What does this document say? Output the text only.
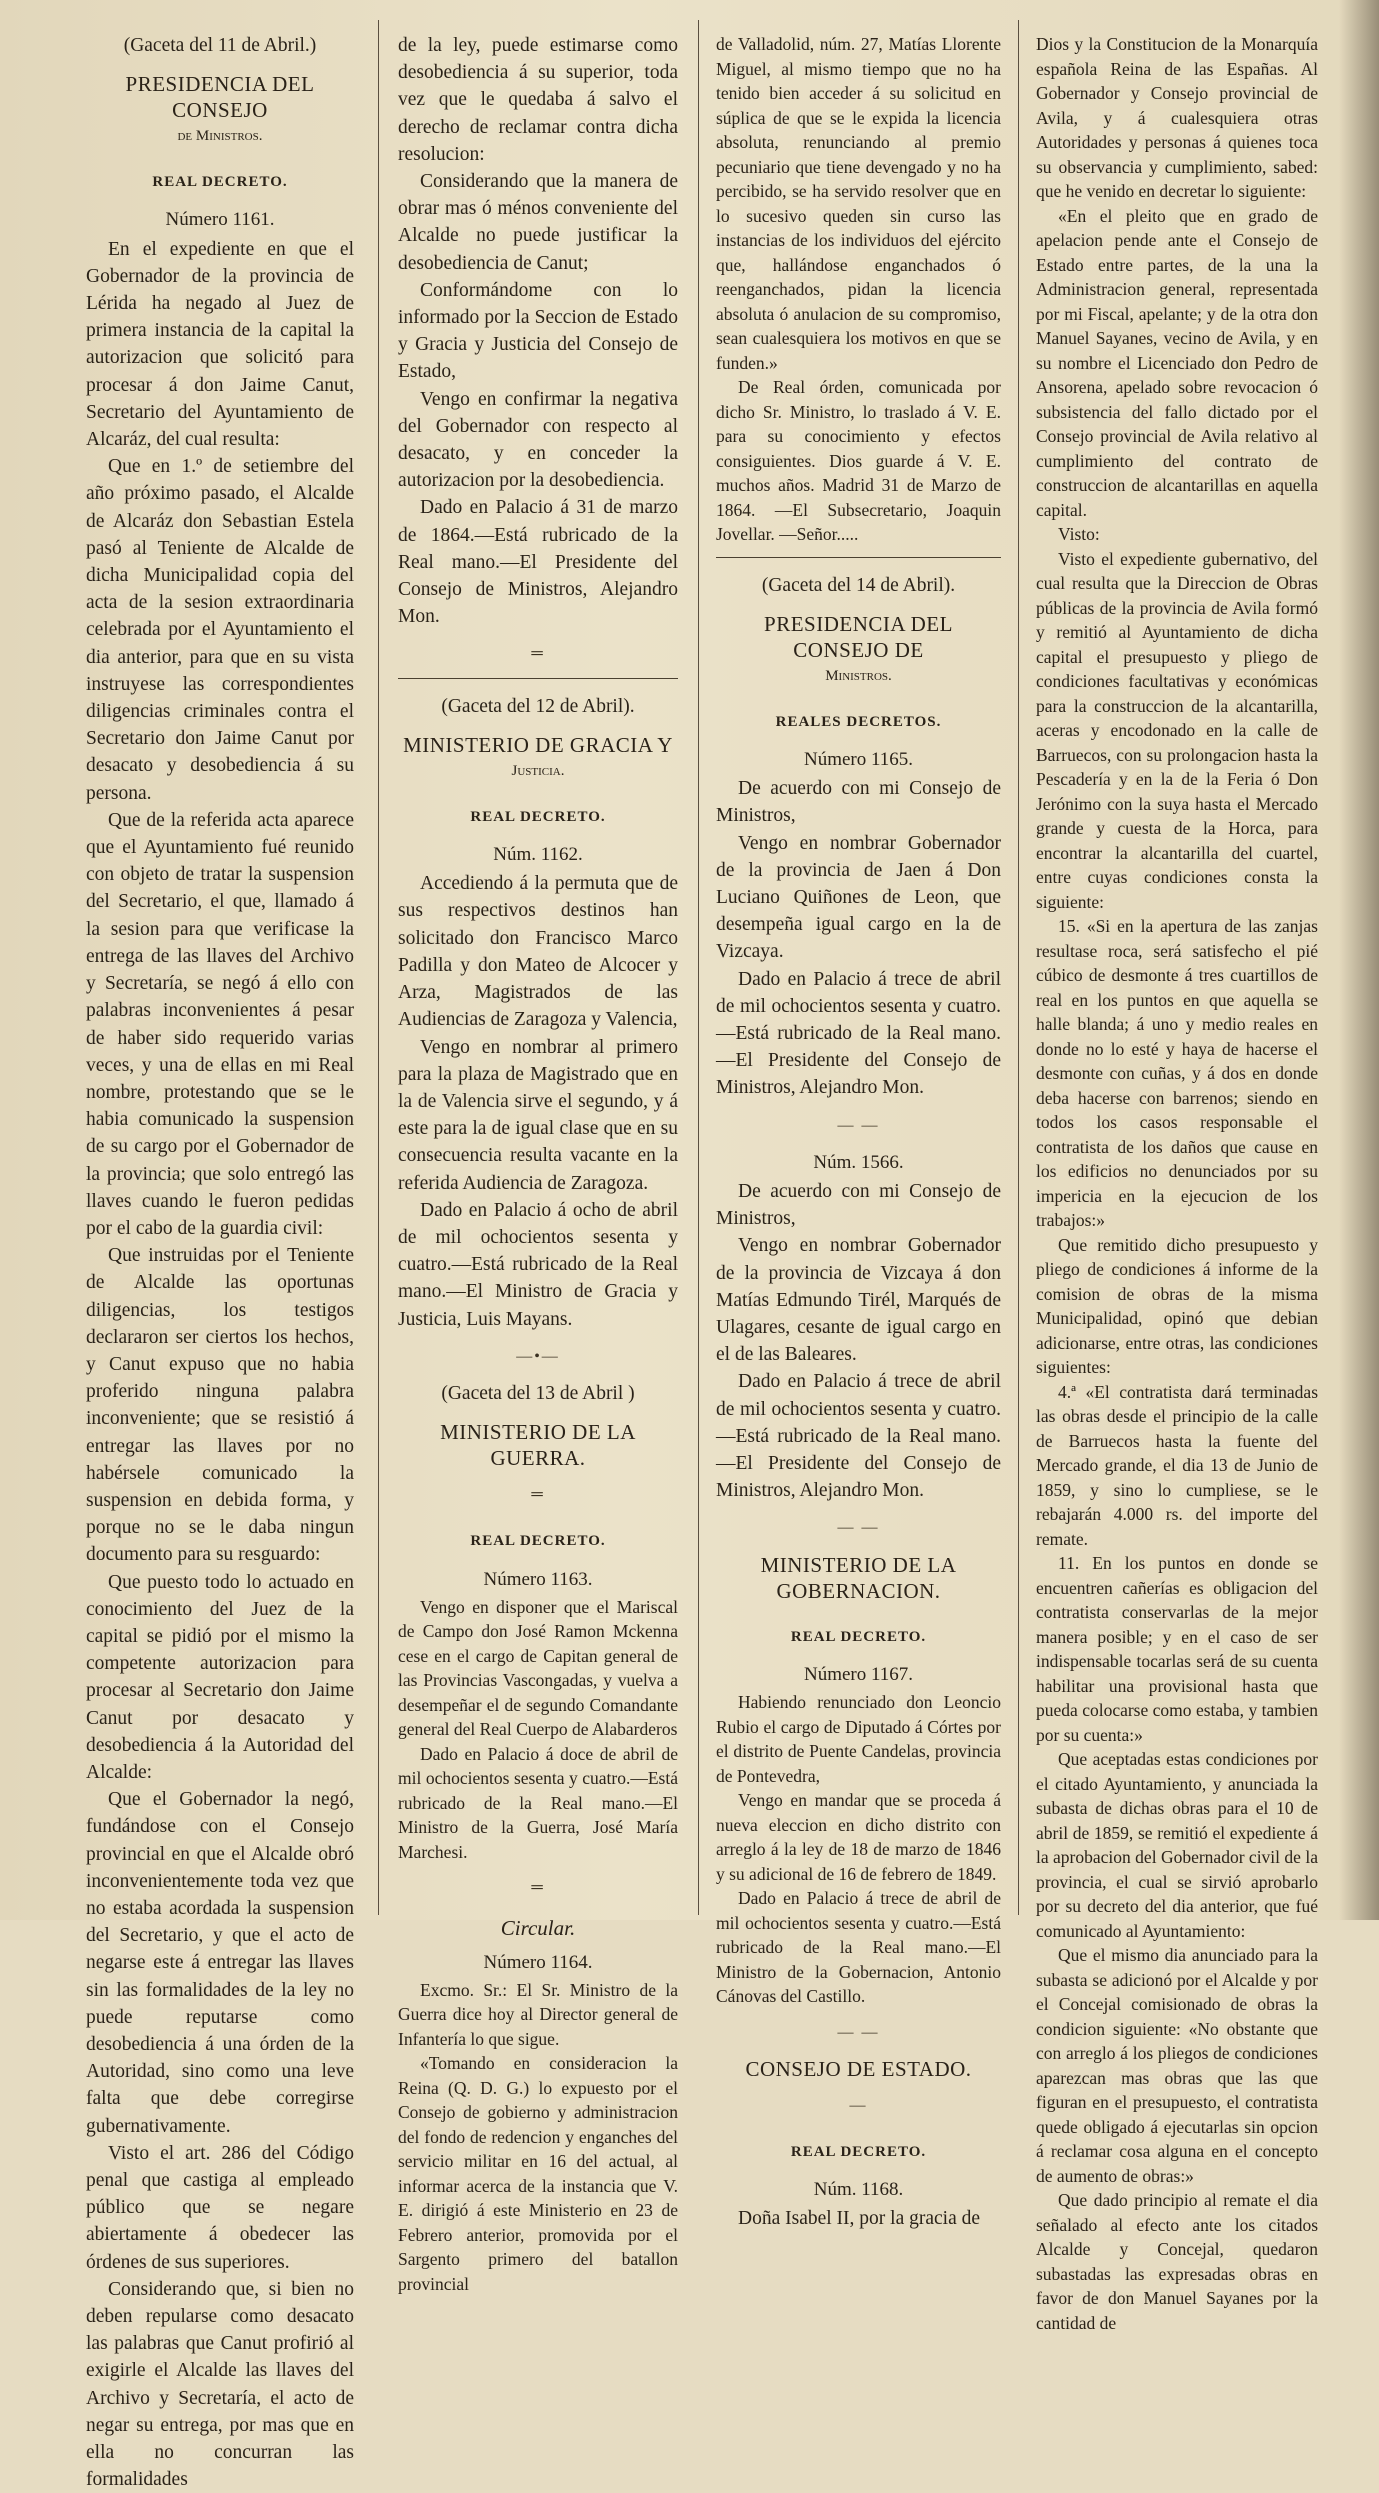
(Gaceta del 11 de Abril.)
PRESIDENCIA DEL CONSEJO
de Ministros.
REAL DECRETO.
Número 1161.

En el expediente en que el Gobernador de la provincia de Lérida ha negado al Juez de primera instancia de la capital la autorizacion que solicitó para procesar á don Jaime Canut, Secretario del Ayuntamiento de Alcaráz, del cual resulta:

Que en 1.º de setiembre del año próximo pasado, el Alcalde de Alcaráz don Sebastian Estela pasó al Teniente de Alcalde de dicha Municipalidad copia del acta de la sesion extraordinaria celebrada por el Ayuntamiento el dia anterior, para que en su vista instruyese las correspondientes diligencias criminales contra el Secretario don Jaime Canut por desacato y desobediencia á su persona.

Que de la referida acta aparece que el Ayuntamiento fué reunido con objeto de tratar la suspension del Secretario, el que, llamado á la sesion para que verificase la entrega de las llaves del Archivo y Secretaría, se negó á ello con palabras inconvenientes á pesar de haber sido requerido varias veces, y una de ellas en mi Real nombre, protestando que se le habia comunicado la suspension de su cargo por el Gobernador de la provincia; que solo entregó las llaves cuando le fueron pedidas por el cabo de la guardia civil:

Que instruidas por el Teniente de Alcalde las oportunas diligencias, los testigos declararon ser ciertos los hechos, y Canut expuso que no habia proferido ninguna palabra inconveniente; que se resistió á entregar las llaves por no habérsele comunicado la suspension en debida forma, y porque no se le daba ningun documento para su resguardo:

Que puesto todo lo actuado en conocimiento del Juez de la capital se pidió por el mismo la competente autorizacion para procesar al Secretario don Jaime Canut por desacato y desobediencia á la Autoridad del Alcalde:

Que el Gobernador la negó, fundándose con el Consejo provincial en que el Alcalde obró inconvenientemente toda vez que no estaba acordada la suspension del Secretario, y que el acto de negarse este á entregar las llaves sin las formalidades de la ley no puede reputarse como desobediencia á una órden de la Autoridad, sino como una leve falta que debe corregirse gubernativamente.

Visto el art. 286 del Código penal que castiga al empleado público que se negare abiertamente á obedecer las órdenes de sus superiores.

Considerando que, si bien no deben repularse como desacato las palabras que Canut profirió al exigirle el Alcalde las llaves del Archivo y Secretaría, el acto de negar su entrega, por mas que en ella no concurran las formalidades

de la ley, puede estimarse como desobediencia á su superior, toda vez que le quedaba á salvo el derecho de reclamar contra dicha resolucion:

Considerando que la manera de obrar mas ó ménos conveniente del Alcalde no puede justificar la desobediencia de Canut;

Conformándome con lo informado por la Seccion de Estado y Gracia y Justicia del Consejo de Estado,

Vengo en confirmar la negativa del Gobernador con respecto al desacato, y en conceder la autorizacion por la desobediencia.

Dado en Palacio á 31 de marzo de 1864.—Está rubricado de la Real mano.—El Presidente del Consejo de Ministros, Alejandro Mon.

═
(Gaceta del 12 de Abril).
MINISTERIO DE GRACIA Y
Justicia.
REAL DECRETO.
Núm. 1162.

Accediendo á la permuta que de sus respectivos destinos han solicitado don Francisco Marco Padilla y don Mateo de Alcocer y Arza, Magistrados de las Audiencias de Zaragoza y Valencia,

Vengo en nombrar al primero para la plaza de Magistrado que en la de Valencia sirve el segundo, y á este para la de igual clase que en su consecuencia resulta vacante en la referida Audiencia de Zaragoza.

Dado en Palacio á ocho de abril de mil ochocientos sesenta y cuatro.—Está rubricado de la Real mano.—El Ministro de Gracia y Justicia, Luis Mayans.

—•—
(Gaceta del 13 de Abril )
MINISTERIO DE LA GUERRA.
═
REAL DECRETO.
Número 1163.

Vengo en disponer que el Mariscal de Campo don José Ramon Mckenna cese en el cargo de Capitan general de las Provincias Vascongadas, y vuelva a desempeñar el de segundo Comandante general del Real Cuerpo de Alabarderos

Dado en Palacio á doce de abril de mil ochocientos sesenta y cuatro.—Está rubricado de la Real mano.—El Ministro de la Guerra, José María Marchesi.

═
Circular.
Número 1164.

Excmo. Sr.: El Sr. Ministro de la Guerra dice hoy al Director general de Infantería lo que sigue.

«Tomando en consideracion la Reina (Q. D. G.) lo expuesto por el Consejo de gobierno y administracion del fondo de redencion y enganches del servicio militar en 16 del actual, al informar acerca de la instancia que V. E. dirigió á este Ministerio en 23 de Febrero anterior, promovida por el Sargento primero del batallon provincial

de Valladolid, núm. 27, Matías Llorente Miguel, al mismo tiempo que no ha tenido bien acceder á su solicitud en súplica de que se le expida la licencia absoluta, renunciando al premio pecuniario que tiene devengado y no ha percibido, se ha servido resolver que en lo sucesivo queden sin curso las instancias de los individuos del ejército que, hallándose enganchados ó reenganchados, pidan la licencia absoluta ó anulacion de su compromiso, sean cualesquiera los motivos en que se funden.»

De Real órden, comunicada por dicho Sr. Ministro, lo traslado á V. E. para su conocimiento y efectos consiguientes. Dios guarde á V. E. muchos años. Madrid 31 de Marzo de 1864. —El Subsecretario, Joaquin Jovellar. —Señor.....

(Gaceta del 14 de Abril).
PRESIDENCIA DEL CONSEJO DE
Ministros.
REALES DECRETOS.
Número 1165.

De acuerdo con mi Consejo de Ministros,

Vengo en nombrar Gobernador de la provincia de Jaen á Don Luciano Quiñones de Leon, que desempeña igual cargo en la de Vizcaya.

Dado en Palacio á trece de abril de mil ochocientos sesenta y cuatro.—Está rubricado de la Real mano.—El Presidente del Consejo de Ministros, Alejandro Mon.

— —
Núm. 1566.

De acuerdo con mi Consejo de Ministros,

Vengo en nombrar Gobernador de la provincia de Vizcaya á don Matías Edmundo Tirél, Marqués de Ulagares, cesante de igual cargo en el de las Baleares.

Dado en Palacio á trece de abril de mil ochocientos sesenta y cuatro.—Está rubricado de la Real mano.—El Presidente del Consejo de Ministros, Alejandro Mon.

— —
MINISTERIO DE LA GOBERNACION.
REAL DECRETO.
Número 1167.

Habiendo renunciado don Leoncio Rubio el cargo de Diputado á Córtes por el distrito de Puente Candelas, provincia de Pontevedra,

Vengo en mandar que se proceda á nueva eleccion en dicho distrito con arreglo á la ley de 18 de marzo de 1846 y su adicional de 16 de febrero de 1849.

Dado en Palacio á trece de abril de mil ochocientos sesenta y cuatro.—Está rubricado de la Real mano.—El Ministro de la Gobernacion, Antonio Cánovas del Castillo.

— —
CONSEJO DE ESTADO.
—
REAL DECRETO.
Núm. 1168.

Doña Isabel II, por la gracia de

Dios y la Constitucion de la Monarquía española Reina de las Españas. Al Gobernador y Consejo provincial de Avila, y á cualesquiera otras Autoridades y personas á quienes toca su observancia y cumplimiento, sabed: que he venido en decretar lo siguiente:

«En el pleito que en grado de apelacion pende ante el Consejo de Estado entre partes, de la una la Administracion general, representada por mi Fiscal, apelante; y de la otra don Manuel Sayanes, vecino de Avila, y en su nombre el Licenciado don Pedro de Ansorena, apelado sobre revocacion ó subsistencia del fallo dictado por el Consejo provincial de Avila relativo al cumplimiento del contrato de construccion de alcantarillas en aquella capital.

Visto:

Visto el expediente gubernativo, del cual resulta que la Direccion de Obras públicas de la provincia de Avila formó y remitió al Ayuntamiento de dicha capital el presupuesto y pliego de condiciones facultativas y económicas para la construccion de la alcantarilla, aceras y encodonado en la calle de Barruecos, con su prolongacion hasta la Pescadería y en la de la Feria ó Don Jerónimo con la suya hasta el Mercado grande y cuesta de la Horca, para encontrar la alcantarilla del cuartel, entre cuyas condiciones consta la siguiente:

15. «Si en la apertura de las zanjas resultase roca, será satisfecho el pié cúbico de desmonte á tres cuartillos de real en los puntos en que aquella se halle blanda; á uno y medio reales en donde no lo esté y haya de hacerse el desmonte con cuñas, y á dos en donde deba hacerse con barrenos; siendo en todos los casos responsable el contratista de los daños que cause en los edificios no denunciados por su impericia en la ejecucion de los trabajos:»

Que remitido dicho presupuesto y pliego de condiciones á informe de la comision de obras de la misma Municipalidad, opinó que debian adicionarse, entre otras, las condiciones siguientes:

4.ª «El contratista dará terminadas las obras desde el principio de la calle de Barruecos hasta la fuente del Mercado grande, el dia 13 de Junio de 1859, y sino lo cumpliese, se le rebajarán 4.000 rs. del importe del remate.

11. En los puntos en donde se encuentren cañerías es obligacion del contratista conservarlas de la mejor manera posible; y en el caso de ser indispensable tocarlas será de su cuenta habilitar una provisional hasta que pueda colocarse como estaba, y tambien por su cuenta:»

Que aceptadas estas condiciones por el citado Ayuntamiento, y anunciada la subasta de dichas obras para el 10 de abril de 1859, se remitió el expediente á la aprobacion del Gobernador civil de la provincia, el cual se sirvió aprobarlo por su decreto del dia anterior, que fué comunicado al Ayuntamiento:

Que el mismo dia anunciado para la subasta se adicionó por el Alcalde y por el Concejal comisionado de obras la condicion siguiente: «No obstante que con arreglo á los pliegos de condiciones aparezcan mas obras que las que figuran en el presupuesto, el contratista quede obligado á ejecutarlas sin opcion á reclamar cosa alguna en el concepto de aumento de obras:»

Que dado principio al remate el dia señalado al efecto ante los citados Alcalde y Concejal, quedaron subastadas las expresadas obras en favor de don Manuel Sayanes por la cantidad de
